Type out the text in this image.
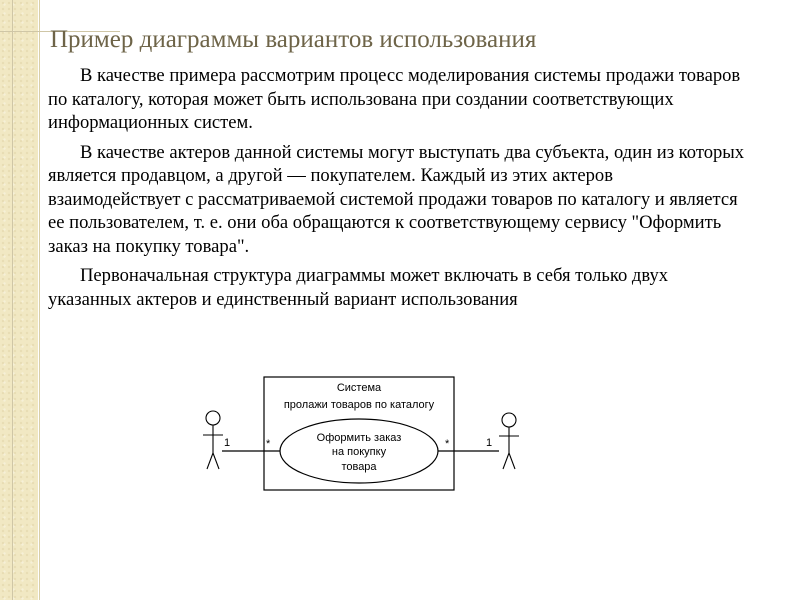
Пример диаграммы вариантов использования

В качестве примера рассмотрим процесс моделирования системы продажи товаров по каталогу, которая может быть использована при создании соответствующих информационных систем.

В качестве актеров данной системы могут выступать два субъекта, один из которых является продавцом, а другой — покупателем. Каждый из этих актеров взаимодействует с рассматриваемой системой продажи товаров по каталогу и является ее пользователем, т. е. они оба обращаются к соответствующему сервису "Оформить заказ на покупку товара".

Первоначальная структура диаграммы может включать в себя только двух указанных актеров и единственный вариант использования

Система
пролажи товаров по каталогу
Оформить заказ
на покупку
товара
1	*	*	1
